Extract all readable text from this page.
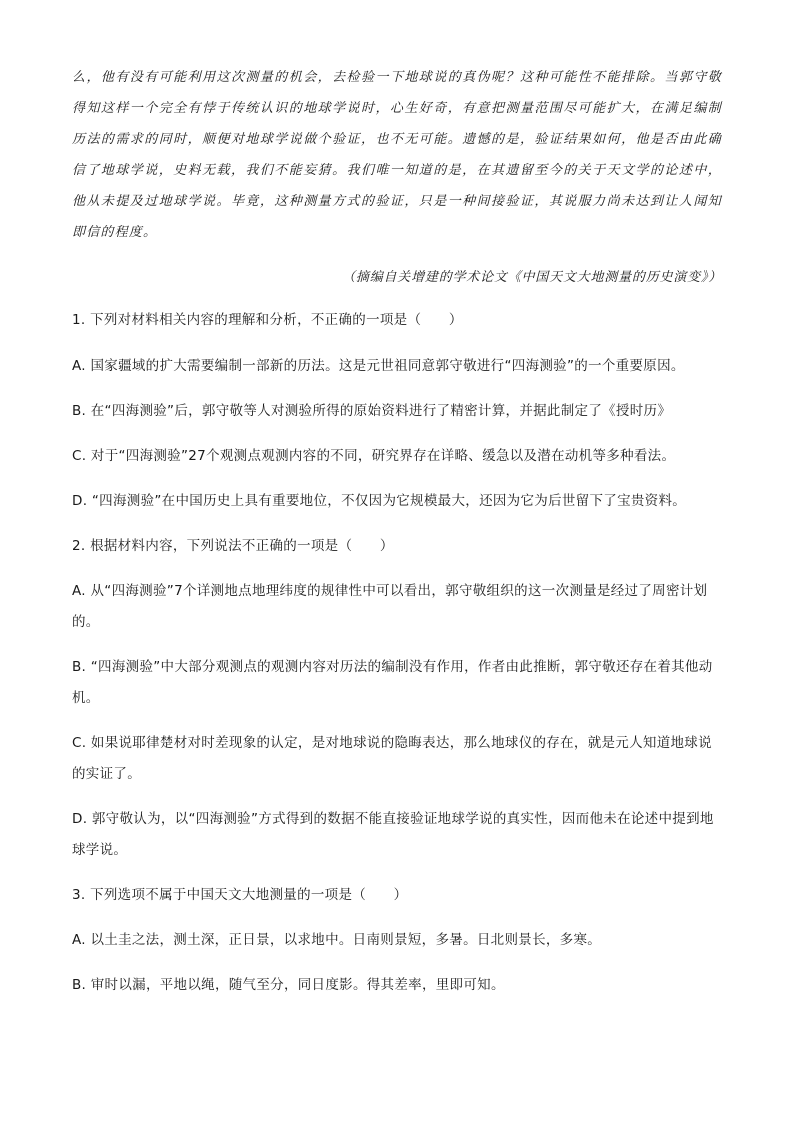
么，他有没有可能利用这次测量的机会，去检验一下地球说的真伪呢？这种可能性不能排除。当郭守敬得知这样一个完全有悖于传统认识的地球学说时，心生好奇，有意把测量范围尽可能扩大，在满足编制历法的需求的同时，顺便对地球学说做个验证，也不无可能。遗憾的是，验证结果如何，他是否由此确信了地球学说，史料无载，我们不能妄猜。我们唯一知道的是，在其遗留至今的关于天文学的论述中，他从未提及过地球学说。毕竟，这种测量方式的验证，只是一种间接验证，其说服力尚未达到让人闻知即信的程度。
（摘编自关增建的学术论文《中国天文大地测量的历史演变》）
1. 下列对材料相关内容的理解和分析，不正确的一项是（　　）
A. 国家疆域的扩大需要编制一部新的历法。这是元世祖同意郭守敬进行“四海测验”的一个重要原因。
B. 在“四海测验”后，郭守敬等人对测验所得的原始资料进行了精密计算，并据此制定了《授时历》
C. 对于“四海测验”27个观测点观测内容的不同，研究界存在详略、缓急以及潜在动机等多种看法。
D. “四海测验”在中国历史上具有重要地位，不仅因为它规模最大，还因为它为后世留下了宝贵资料。
2. 根据材料内容，下列说法不正确的一项是（　　）
A. 从“四海测验”7个详测地点地理纬度的规律性中可以看出，郭守敬组织的这一次测量是经过了周密计划的。
B. “四海测验”中大部分观测点的观测内容对历法的编制没有作用，作者由此推断，郭守敬还存在着其他动机。
C. 如果说耶律楚材对时差现象的认定，是对地球说的隐晦表达，那么地球仪的存在，就是元人知道地球说的实证了。
D. 郭守敬认为，以“四海测验”方式得到的数据不能直接验证地球学说的真实性，因而他未在论述中提到地球学说。
3. 下列选项不属于中国天文大地测量的一项是（　　）
A. 以土圭之法，测土深，正日景，以求地中。日南则景短，多暑。日北则景长，多寒。
B. 审时以漏，平地以绳，随气至分，同日度影。得其差率，里即可知。
